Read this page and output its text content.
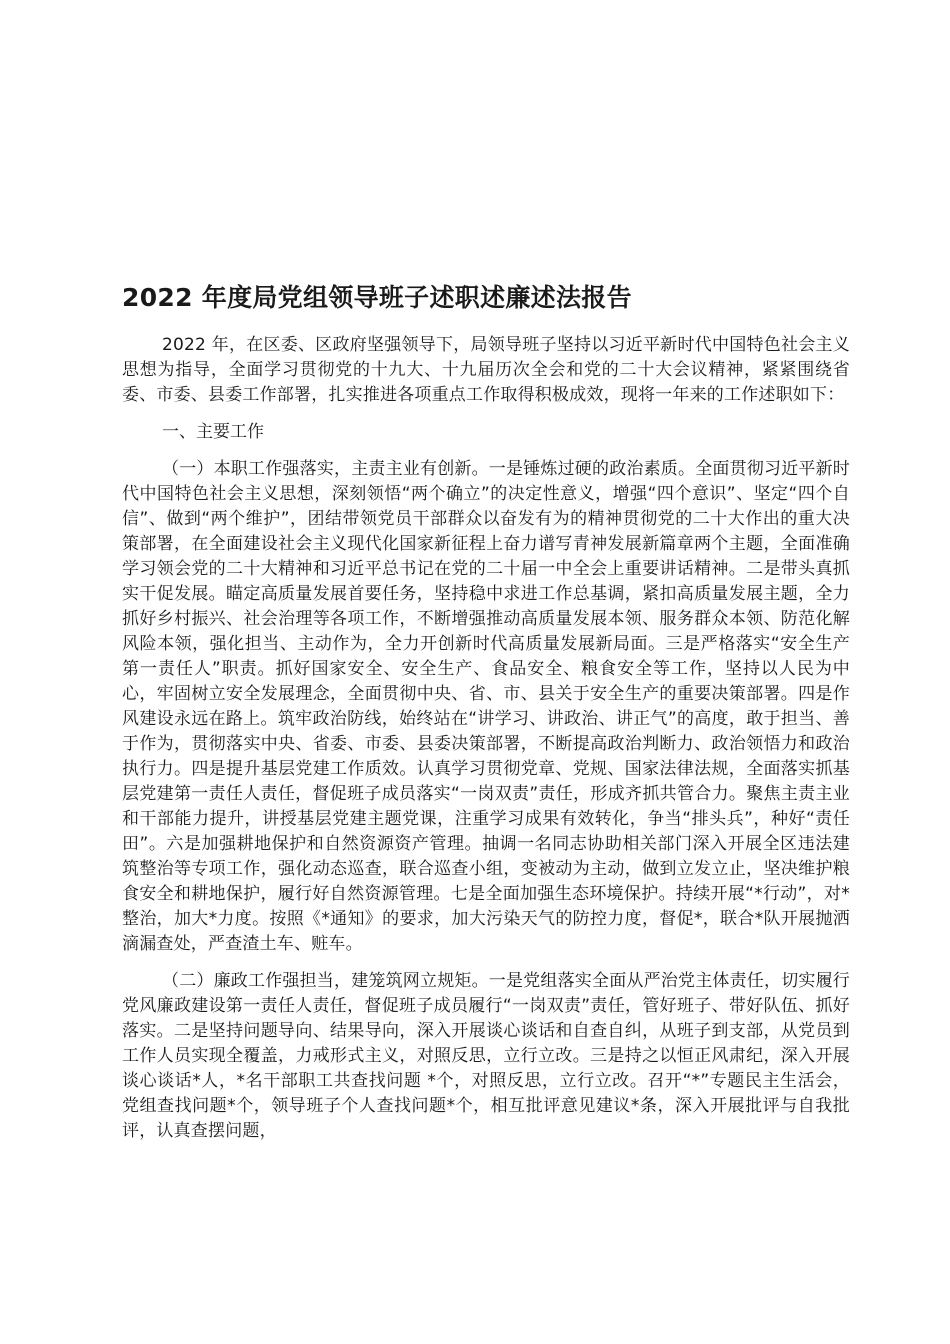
2022 年度局党组领导班子述职述廉述法报告

2022 年，在区委、区政府坚强领导下，局领导班子坚持以习近平新时代中国特色社会主义思想为指导，全面学习贯彻党的十九大、十九届历次全会和党的二十大会议精神，紧紧围绕省委、市委、县委工作部署，扎实推进各项重点工作取得积极成效，现将一年来的工作述职如下：

一、主要工作

（一）本职工作强落实，主责主业有创新。一是锤炼过硬的政治素质。全面贯彻习近平新时代中国特色社会主义思想，深刻领悟“两个确立”的决定性意义，增强“四个意识”、坚定“四个自信”、做到“两个维护”，团结带领党员干部群众以奋发有为的精神贯彻党的二十大作出的重大决策部署，在全面建设社会主义现代化国家新征程上奋力谱写青神发展新篇章两个主题，全面准确学习领会党的二十大精神和习近平总书记在党的二十届一中全会上重要讲话精神。二是带头真抓实干促发展。瞄定高质量发展首要任务，坚持稳中求进工作总基调，紧扣高质量发展主题，全力抓好乡村振兴、社会治理等各项工作，不断增强推动高质量发展本领、服务群众本领、防范化解风险本领，强化担当、主动作为，全力开创新时代高质量发展新局面。三是严格落实“安全生产第一责任人”职责。抓好国家安全、安全生产、食品安全、粮食安全等工作，坚持以人民为中心，牢固树立安全发展理念，全面贯彻中央、省、市、县关于安全生产的重要决策部署。四是作风建设永远在路上。筑牢政治防线，始终站在“讲学习、讲政治、讲正气”的高度，敢于担当、善于作为，贯彻落实中央、省委、市委、县委决策部署，不断提高政治判断力、政治领悟力和政治执行力。四是提升基层党建工作质效。认真学习贯彻党章、党规、国家法律法规，全面落实抓基层党建第一责任人责任，督促班子成员落实“一岗双责”责任，形成齐抓共管合力。聚焦主责主业和干部能力提升，讲授基层党建主题党课，注重学习成果有效转化，争当“排头兵”，种好“责任田”。六是加强耕地保护和自然资源资产管理。抽调一名同志协助相关部门深入开展全区违法建筑整治等专项工作，强化动态巡查，联合巡查小组，变被动为主动，做到立发立止，坚决维护粮食安全和耕地保护，履行好自然资源管理。七是全面加强生态环境保护。持续开展“*行动”，对*整治，加大*力度。按照《*通知》的要求，加大污染天气的防控力度，督促*，联合*队开展抛洒滴漏查处，严查渣土车、赃车。

（二）廉政工作强担当，建笼筑网立规矩。一是党组落实全面从严治党主体责任，切实履行党风廉政建设第一责任人责任，督促班子成员履行“一岗双责”责任，管好班子、带好队伍、抓好落实。二是坚持问题导向、结果导向，深入开展谈心谈话和自查自纠，从班子到支部，从党员到工作人员实现全覆盖，力戒形式主义，对照反思，立行立改。三是持之以恒正风肃纪，深入开展谈心谈话*人，*名干部职工共查找问题 *个，对照反思，立行立改。召开“*”专题民主生活会，党组查找问题*个，领导班子个人查找问题*个，相互批评意见建议*条，深入开展批评与自我批评，认真查摆问题，
